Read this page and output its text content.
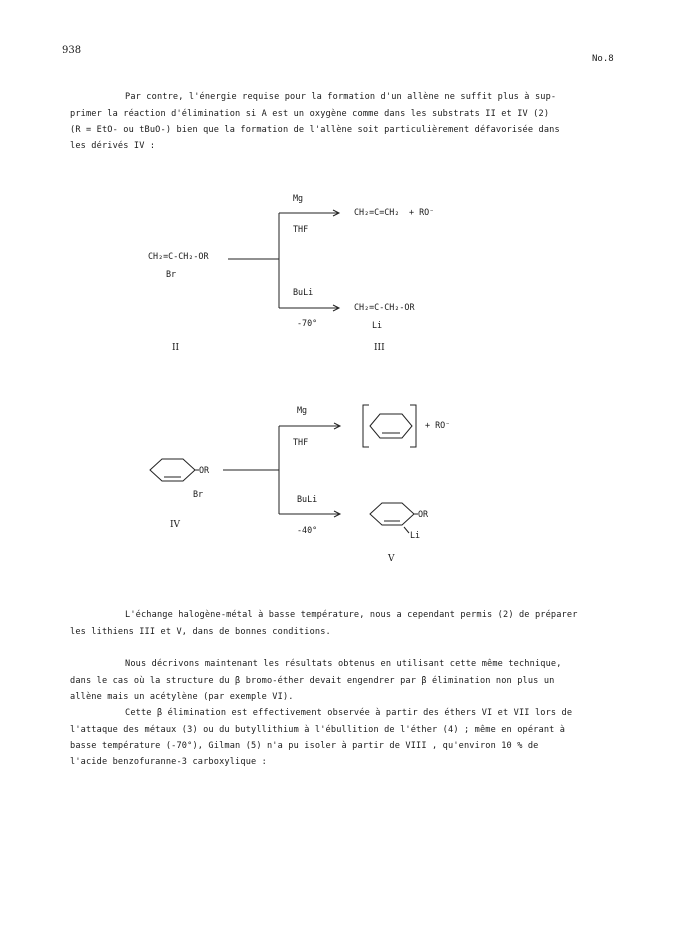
938
No.8
Par contre, l'énergie requise pour la formation d'un allène ne suffit plus à sup-
primer la réaction d'élimination si A est un oxygène comme dans les substrats II et IV (2)
(R = EtO- ou tBuO-) bien que la formation de l'allène soit particulièrement défavorisée dans
les dérivés IV :
Mg
THF
CH₂=C=CH₂ + RO⁻
CH₂=C-CH₂-OR
Br
BuLi
-70°
CH₂=C-CH₂-OR
Li
II	III
Mg
THF
+ RO⁻
OR
Br	BuLi
-40°
OR
Li
IV
V
L'échange halogène-métal à basse température, nous a cependant permis (2) de préparer
les lithiens III et V, dans de bonnes conditions.
Nous décrivons maintenant les résultats obtenus en utilisant cette même technique,
dans le cas où la structure du β bromo-éther devait engendrer par β élimination non plus un
allène mais un acétylène (par exemple VI).
Cette β élimination est effectivement observée à partir des éthers VI et VII lors de
l'attaque des métaux (3) ou du butyllithium à l'ébullition de l'éther (4) ; même en opérant à
basse température (-70°), Gilman (5) n'a pu isoler à partir de VIII , qu'environ 10 % de
l'acide benzofuranne-3 carboxylique :
